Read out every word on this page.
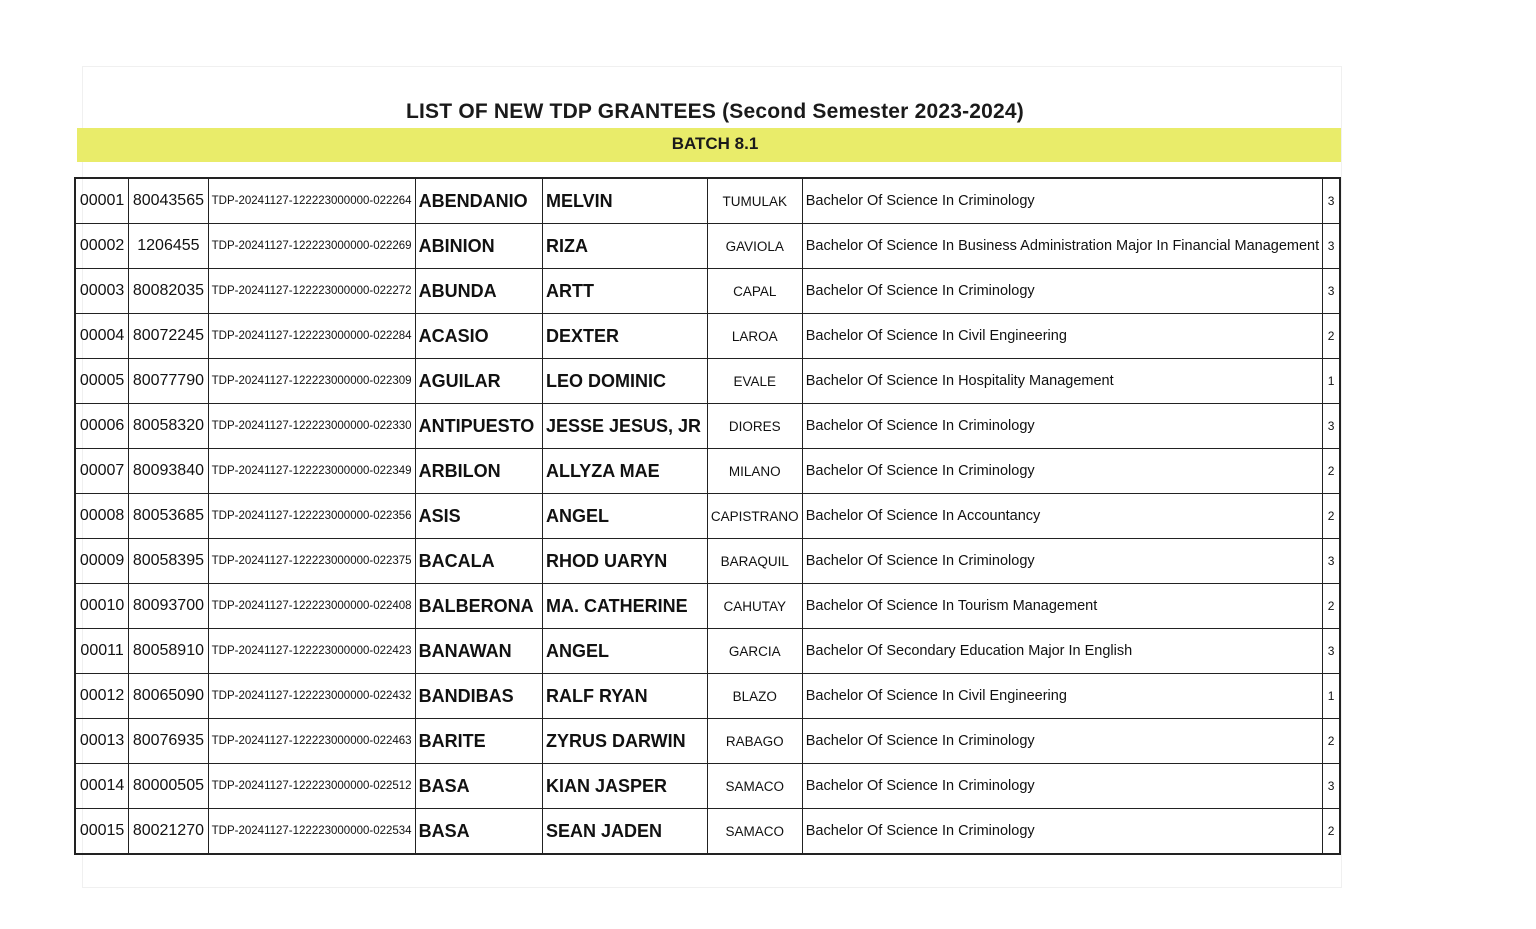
LIST OF NEW TDP GRANTEES (Second Semester 2023-2024)
BATCH 8.1
00001	80043565	TDP-20241127-122223000000-022264	ABENDANIO	MELVIN	TUMULAK	Bachelor Of Science In Criminology	3
00002	1206455	TDP-20241127-122223000000-022269	ABINION	RIZA	GAVIOLA	Bachelor Of Science In Business Administration Major In Financial Management	3
00003	80082035	TDP-20241127-122223000000-022272	ABUNDA	ARTT	CAPAL	Bachelor Of Science In Criminology	3
00004	80072245	TDP-20241127-122223000000-022284	ACASIO	DEXTER	LAROA	Bachelor Of Science In Civil Engineering	2
00005	80077790	TDP-20241127-122223000000-022309	AGUILAR	LEO DOMINIC	EVALE	Bachelor Of Science In Hospitality Management	1
00006	80058320	TDP-20241127-122223000000-022330	ANTIPUESTO	JESSE JESUS, JR	DIORES	Bachelor Of Science In Criminology	3
00007	80093840	TDP-20241127-122223000000-022349	ARBILON	ALLYZA MAE	MILANO	Bachelor Of Science In Criminology	2
00008	80053685	TDP-20241127-122223000000-022356	ASIS	ANGEL	CAPISTRANO	Bachelor Of Science In Accountancy	2
00009	80058395	TDP-20241127-122223000000-022375	BACALA	RHOD UARYN	BARAQUIL	Bachelor Of Science In Criminology	3
00010	80093700	TDP-20241127-122223000000-022408	BALBERONA	MA. CATHERINE	CAHUTAY	Bachelor Of Science In Tourism Management	2
00011	80058910	TDP-20241127-122223000000-022423	BANAWAN	ANGEL	GARCIA	Bachelor Of Secondary Education Major In English	3
00012	80065090	TDP-20241127-122223000000-022432	BANDIBAS	RALF RYAN	BLAZO	Bachelor Of Science In Civil Engineering	1
00013	80076935	TDP-20241127-122223000000-022463	BARITE	ZYRUS DARWIN	RABAGO	Bachelor Of Science In Criminology	2
00014	80000505	TDP-20241127-122223000000-022512	BASA	KIAN JASPER	SAMACO	Bachelor Of Science In Criminology	3
00015	80021270	TDP-20241127-122223000000-022534	BASA	SEAN JADEN	SAMACO	Bachelor Of Science In Criminology	2
